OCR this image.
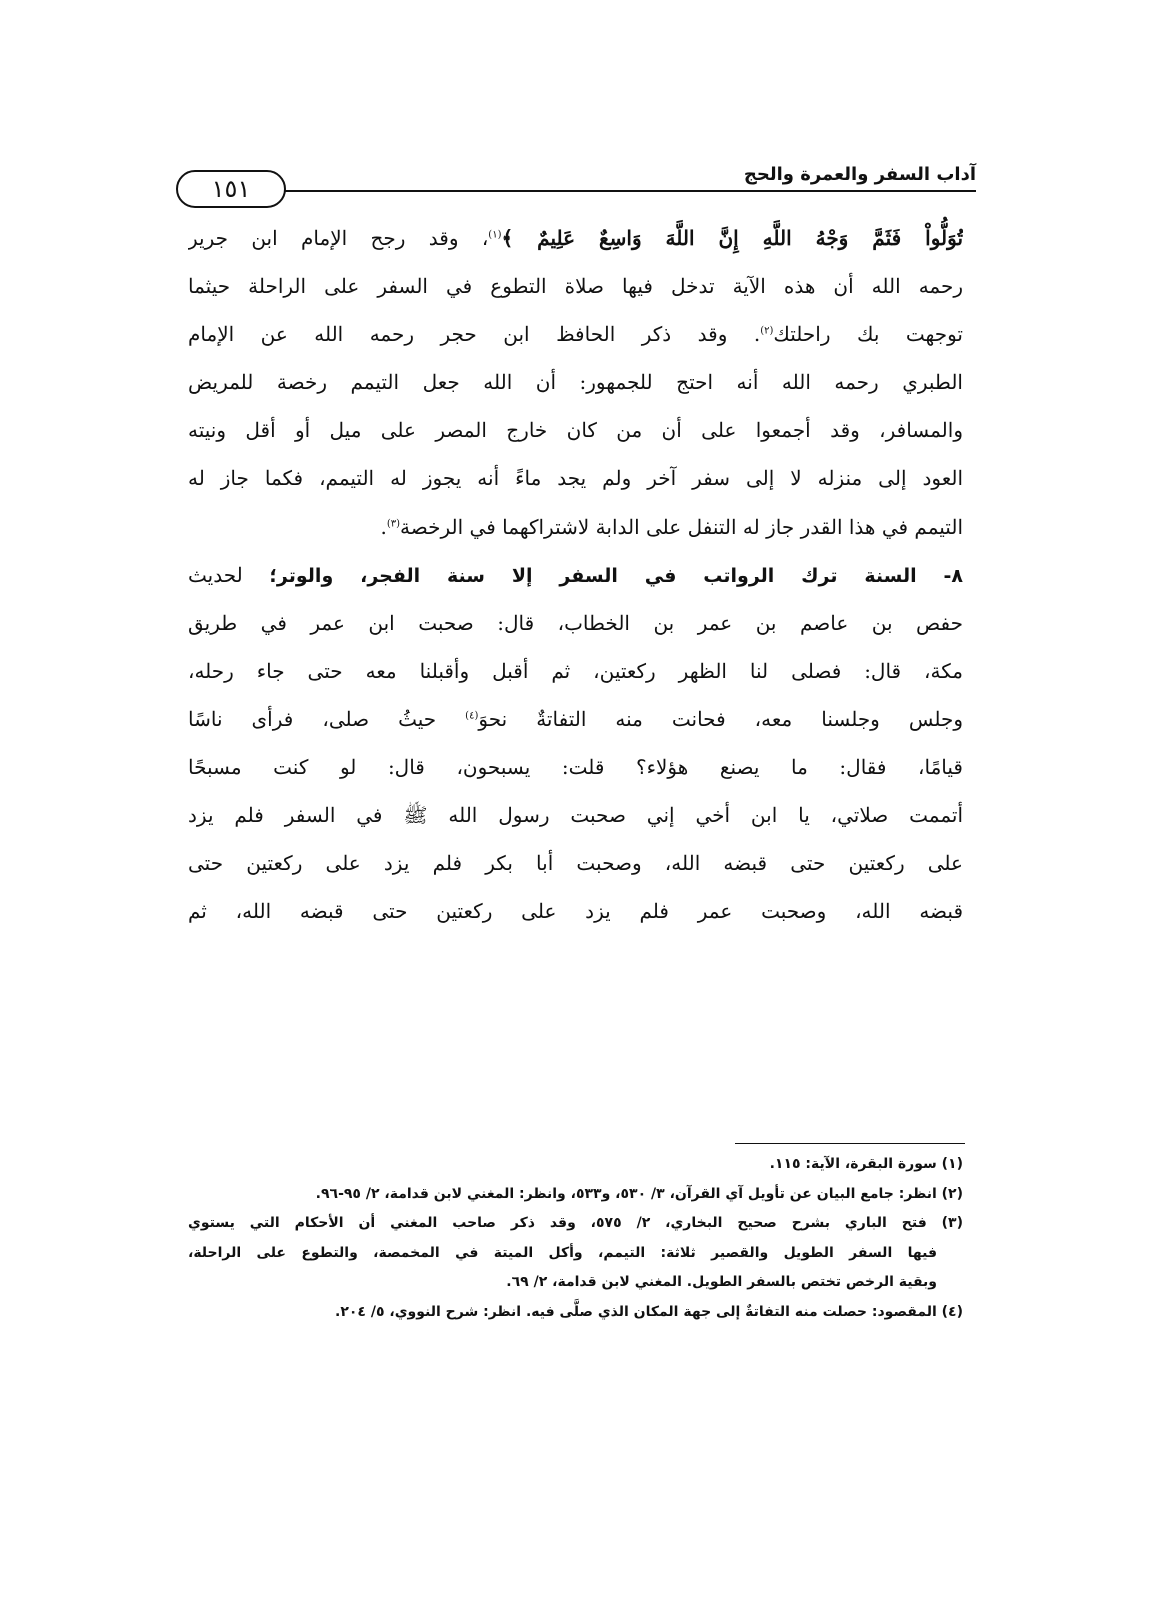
آداب السفر والعمرة والحج
١٥١
تُوَلُّواْ فَثَمَّ وَجْهُ اللَّهِ إِنَّ اللَّهَ وَاسِعٌ عَلِيمٌ ﴾$^{(١)}$، وقد رجح الإمام ابن جرير
رحمه الله أن هذه الآية تدخل فيها صلاة التطوع في السفر على الراحلة حيثما
توجهت بك راحلتك$^{(٢)}$. وقد ذكر الحافظ ابن حجر رحمه الله عن الإمام
الطبري رحمه الله أنه احتج للجمهور: أن الله جعل التيمم رخصة للمريض
والمسافر، وقد أجمعوا على أن من كان خارج المصر على ميل أو أقل ونيته
العود إلى منزله لا إلى سفر آخر ولم يجد ماءً أنه يجوز له التيمم، فكما جاز له
التيمم في هذا القدر جاز له التنفل على الدابة لاشتراكهما في الرخصة$^{(٣)}$.
٨- السنة ترك الرواتب في السفر إلا سنة الفجر، والوتر؛ لحديث
حفص بن عاصم بن عمر بن الخطاب، قال: صحبت ابن عمر في طريق
مكة، قال: فصلى لنا الظهر ركعتين، ثم أقبل وأقبلنا معه حتى جاء رحله،
وجلس وجلسنا معه، فحانت منه التفاتةٌ نحوَ$^{(٤)}$ حيثُ صلى، فرأى ناسًا
قيامًا، فقال: ما يصنع هؤلاء؟ قلت: يسبحون، قال: لو كنت مسبحًا
أتممت صلاتي، يا ابن أخي إني صحبت رسول الله ﷺ في السفر فلم يزد
على ركعتين حتى قبضه الله، وصحبت أبا بكر فلم يزد على ركعتين حتى
قبضه الله، وصحبت عمر فلم يزد على ركعتين حتى قبضه الله، ثم
(١) سورة البقرة، الآية: ١١٥.
(٢) انظر: جامع البيان عن تأويل آي القرآن، ٣/ ٥٣٠، و٥٣٣، وانظر: المغني لابن قدامة، ٢/ ٩٥-٩٦.
(٣) فتح الباري بشرح صحيح البخاري، ٢/ ٥٧٥، وقد ذكر صاحب المغني أن الأحكام التي يستوي
فيها السفر الطويل والقصير ثلاثة: التيمم، وأكل الميتة في المخمصة، والتطوع على الراحلة،
وبقية الرخص تختص بالسفر الطويل. المغني لابن قدامة، ٢/ ٦٩.
(٤) المقصود: حصلت منه التفاتةٌ إلى جهة المكان الذي صلَّى فيه. انظر: شرح النووي، ٥/ ٢٠٤.
